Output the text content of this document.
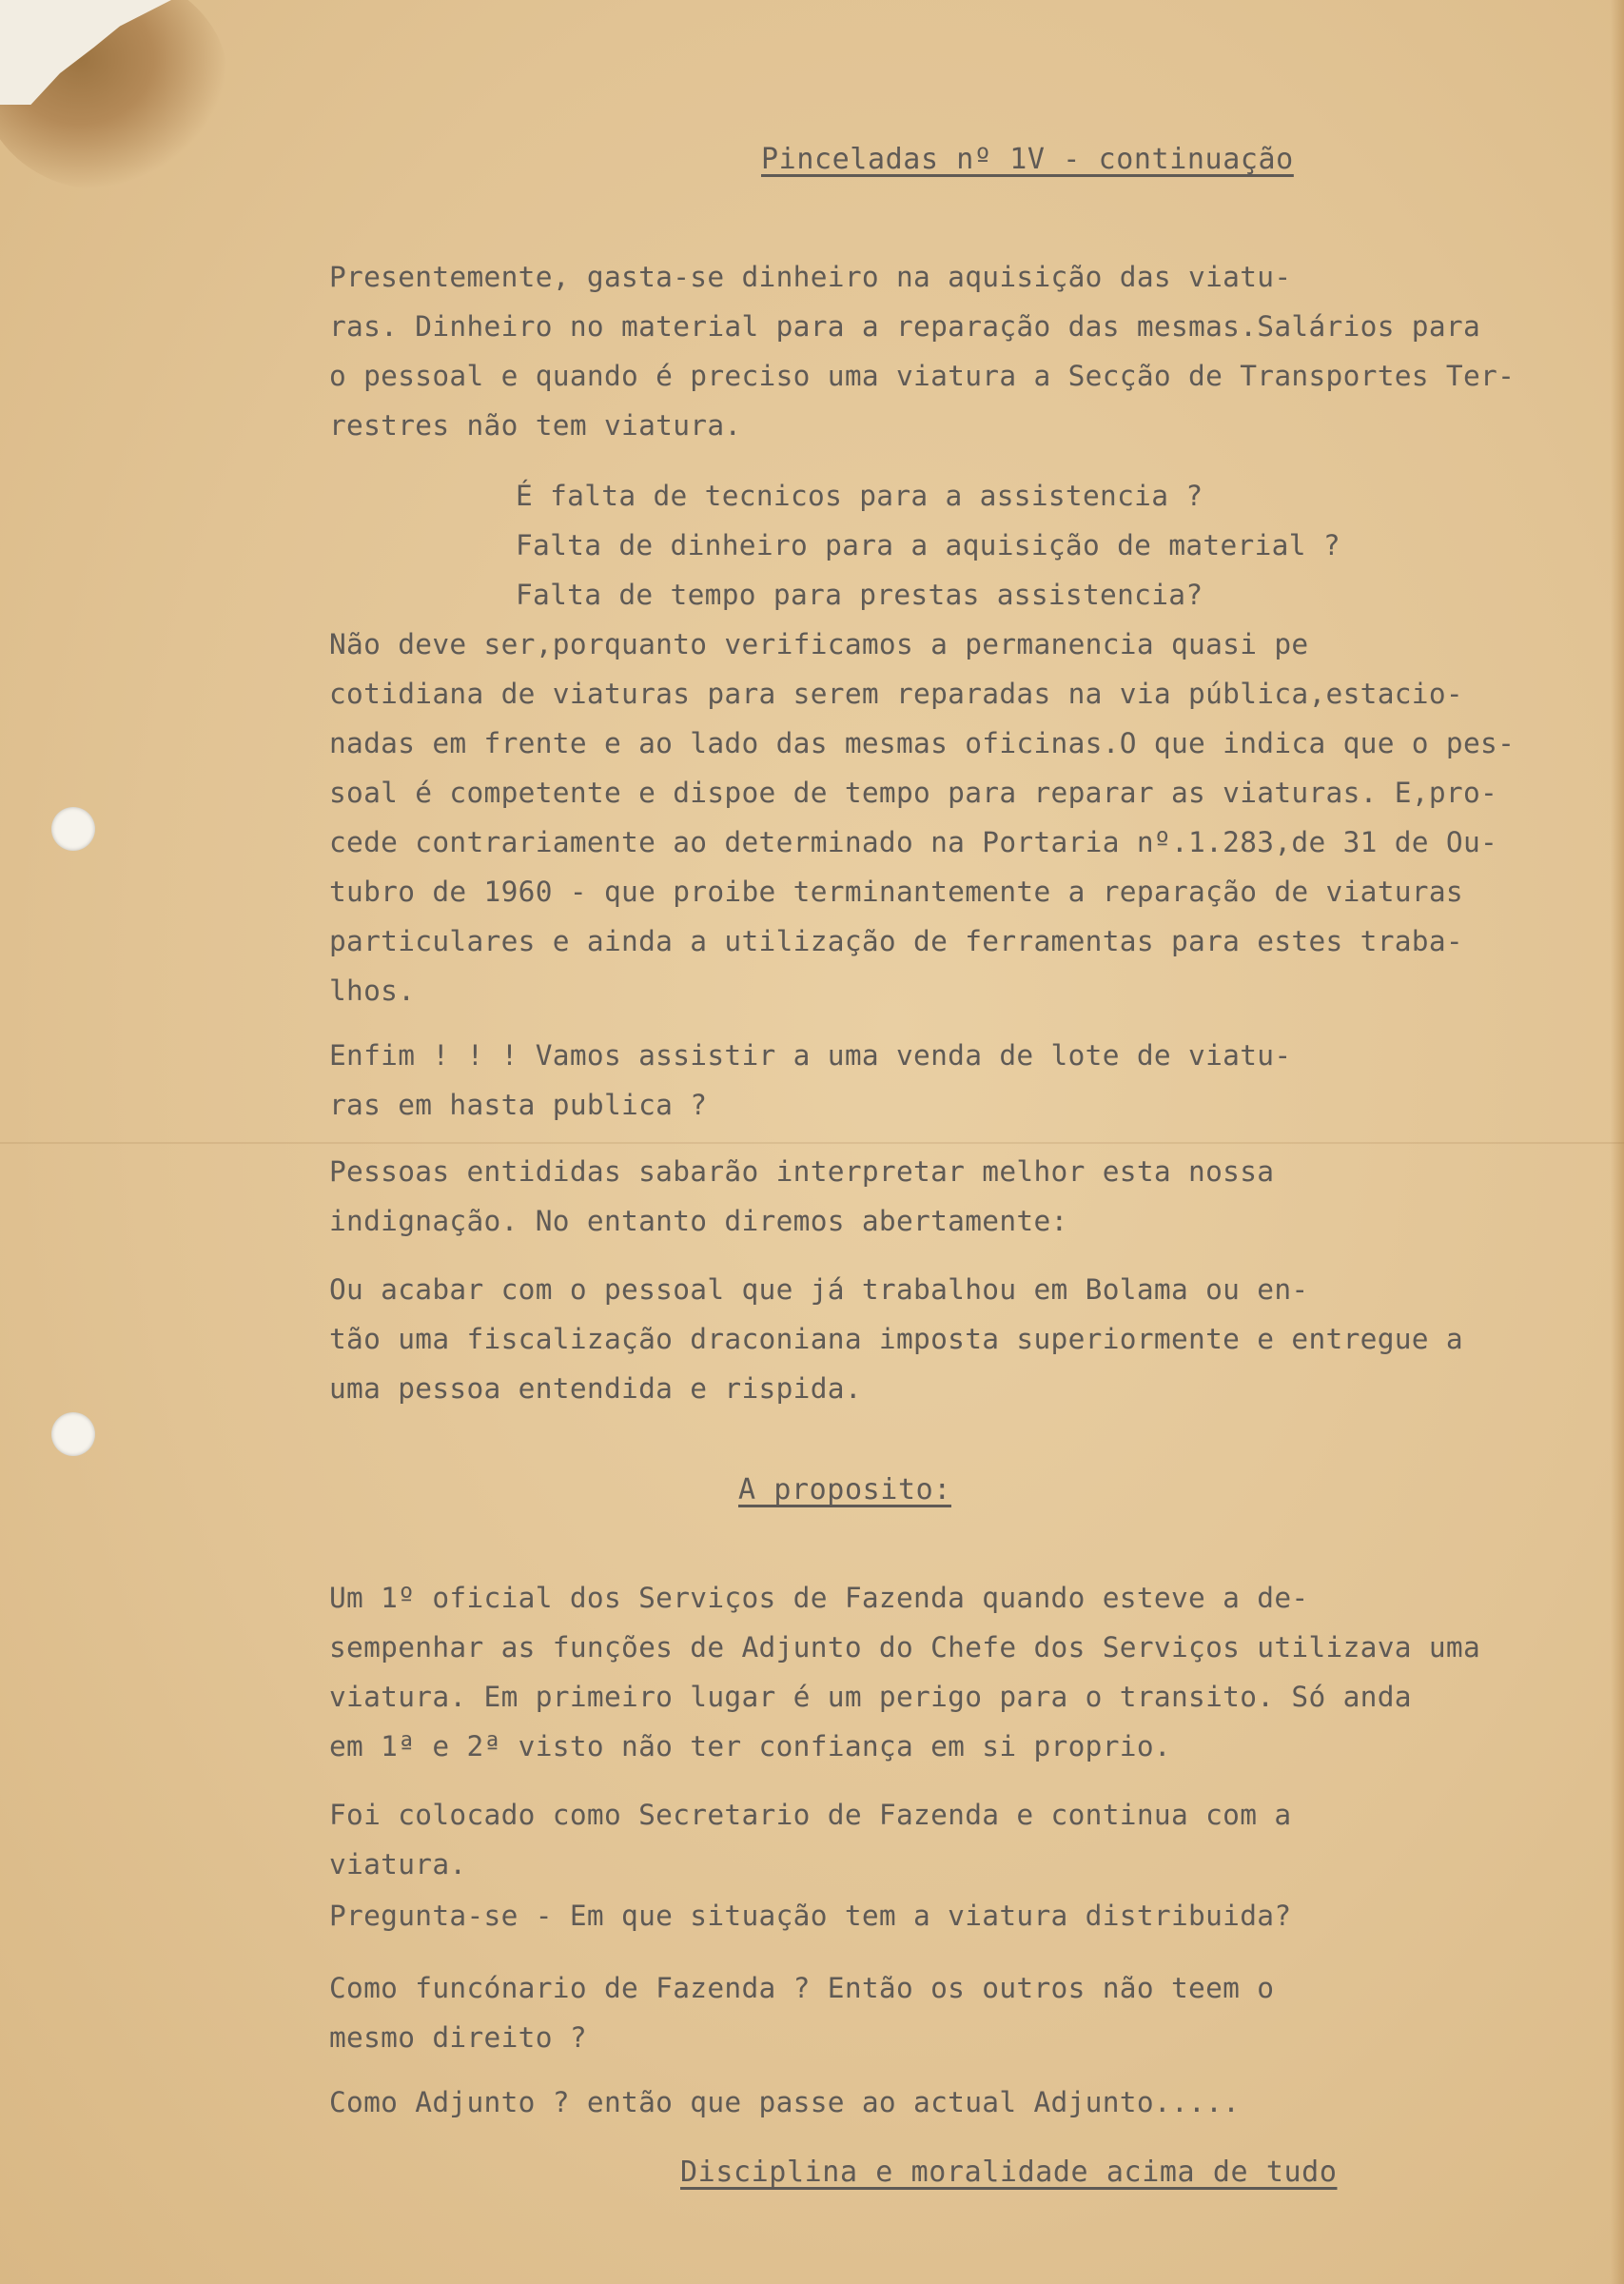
Pinceladas nº 1V - continuação
Presentemente, gasta-se dinheiro na aquisição das viatu-
ras. Dinheiro no material para a reparação das mesmas.Salários para
o pessoal e quando é preciso uma viatura a Secção de Transportes Ter-
restres não tem viatura.
É falta de tecnicos para a assistencia ?
Falta de dinheiro para a aquisição de material ?
Falta de tempo para prestas assistencia?
Não deve ser,porquanto verificamos a permanencia quasi pe
cotidiana de viaturas para serem reparadas na via pública,estacio-
nadas em frente e ao lado das mesmas oficinas.O que indica que o pes-
soal é competente e dispoe de tempo para reparar as viaturas. E,pro-
cede contrariamente ao determinado na Portaria nº.1.283,de 31 de Ou-
tubro de 1960 - que proibe terminantemente a reparação de viaturas
particulares e ainda a utilização de ferramentas para estes traba-
lhos.
Enfim ! ! ! Vamos assistir a uma venda de lote de viatu-
ras em hasta publica ?
Pessoas entididas sabarão interpretar melhor esta nossa
indignação. No entanto diremos abertamente:
Ou acabar com o pessoal que já trabalhou em Bolama ou en-
tão uma fiscalização draconiana imposta superiormente e entregue a
uma pessoa entendida e rispida.
A proposito:
Um 1º oficial dos Serviços de Fazenda quando esteve a de-
sempenhar as funções de Adjunto do Chefe dos Serviços utilizava uma
viatura. Em primeiro lugar é um perigo para o transito. Só anda
em 1ª e 2ª visto não ter confiança em si proprio.
Foi colocado como Secretario de Fazenda e continua com a
viatura.
Pregunta-se - Em que situação tem a viatura distribuida?
Como funcónario de Fazenda ? Então os outros não teem o
mesmo direito ?
Como Adjunto ? então que passe ao actual Adjunto.....
Disciplina e moralidade acima de tudo
